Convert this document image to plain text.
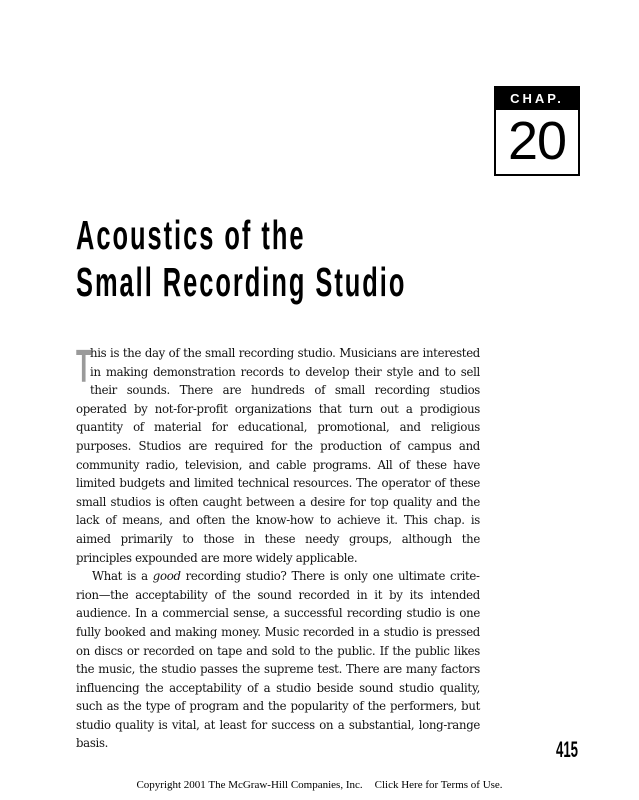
CHAP.
20
Acoustics of the
Small Recording Studio

T
his is the day of the small recording studio. Musicians are interested in making demonstration records to develop their style and to sell their sounds. There are hundreds of small recording studios operated by not-for-profit organizations that turn out a prodigious quantity of material for educational, promotional, and religious purposes. Studios are required for the production of campus and community radio, television, and cable programs. All of these have limited budgets and limited technical resources. The operator of these small studios is often caught between a desire for top quality and the lack of means, and often the know-how to achieve it. This chap. is aimed primarily to those in these needy groups, although the principles expounded are more widely applicable.

What is a good recording studio? There is only one ultimate criterion—the acceptability of the sound recorded in it by its intended audience. In a commercial sense, a successful recording studio is one fully booked and making money. Music recorded in a studio is pressed on discs or recorded on tape and sold to the public. If the public likes the music, the studio passes the supreme test. There are many factors influencing the acceptability of a studio beside sound studio quality, such as the type of program and the popularity of the performers, but studio quality is vital, at least for success on a substantial, long-range basis.	415
Copyright 2001 The McGraw-Hill Companies, Inc. Click Here for Terms of Use.
